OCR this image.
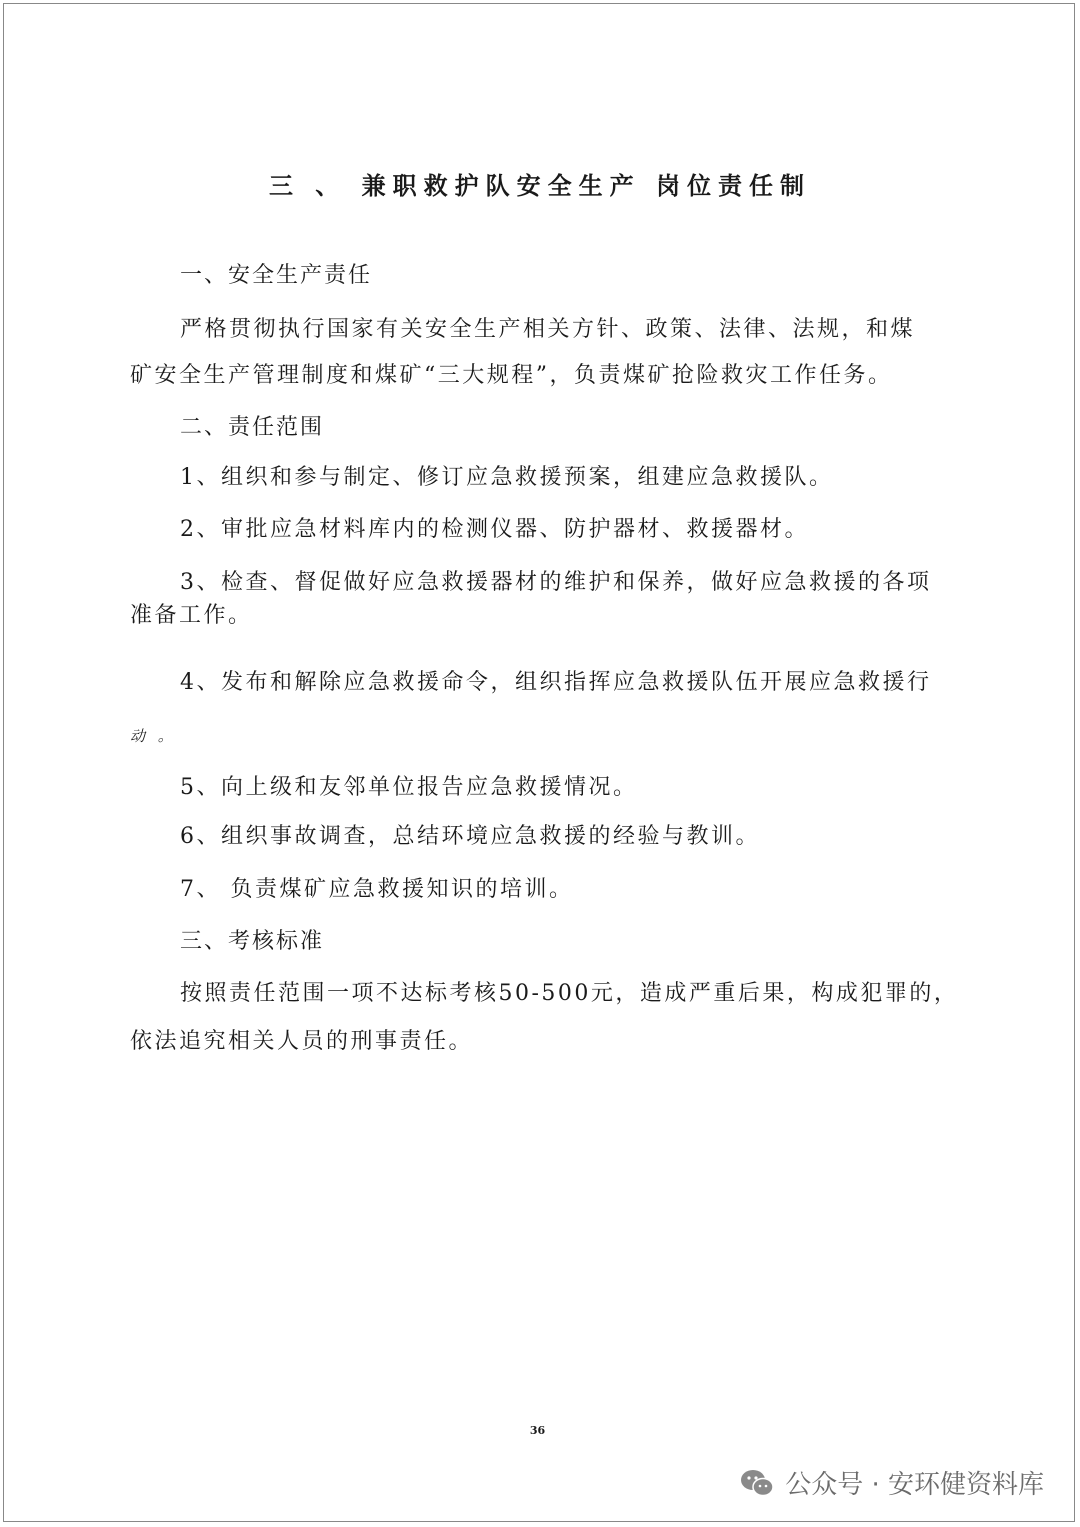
三 、 兼职救护队安全生产 岗位责任制
一、安全生产责任
严格贯彻执行国家有关安全生产相关方针、政策、法律、法规，和煤
矿安全生产管理制度和煤矿“三大规程”，负责煤矿抢险救灾工作任务。
二、责任范围
1、组织和参与制定、修订应急救援预案，组建应急救援队。
2、审批应急材料库内的检测仪器、防护器材、救援器材。
3、检查、督促做好应急救援器材的维护和保养，做好应急救援的各项
准备工作。
4、发布和解除应急救援命令，组织指挥应急救援队伍开展应急救援行
动 。
5、向上级和友邻单位报告应急救援情况。
6、组织事故调查，总结环境应急救援的经验与教训。
7、 负责煤矿应急救援知识的培训。
三、考核标准
按照责任范围一项不达标考核50-500元，造成严重后果，构成犯罪的，
依法追究相关人员的刑事责任。
36
公众号 · 安环健资料库
